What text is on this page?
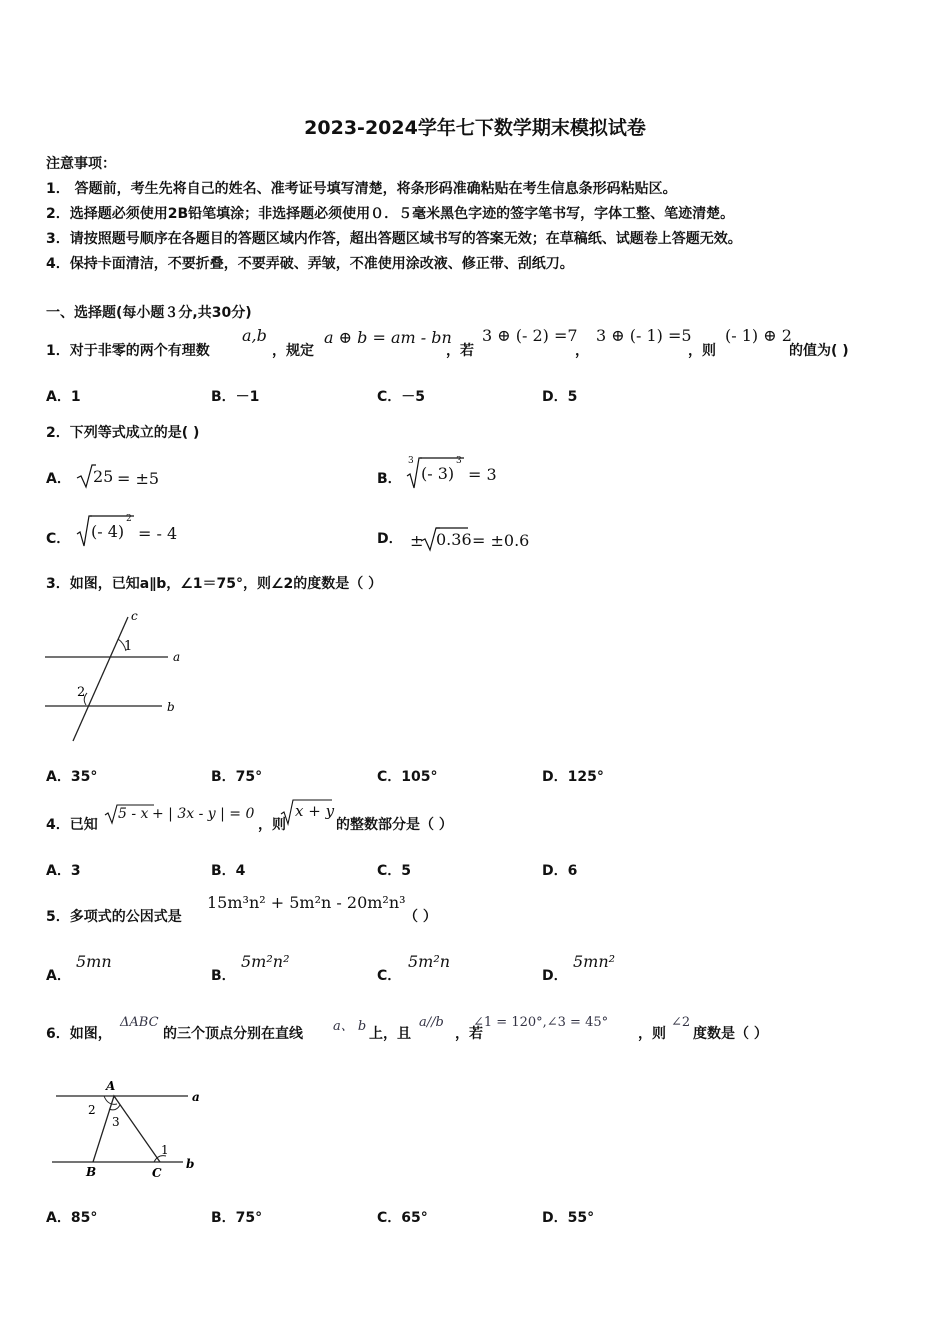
2023-2024学年七下数学期末模拟试卷
注意事项：
1． 答题前，考生先将自己的姓名、准考证号填写清楚，将条形码准确粘贴在考生信息条形码粘贴区。
2．选择题必须使用2B铅笔填涂；非选择题必须使用０．５毫米黑色字迹的签字笔书写，字体工整、笔迹清楚。
3．请按照题号顺序在各题目的答题区域内作答，超出答题区域书写的答案无效；在草稿纸、试题卷上答题无效。
4．保持卡面清洁，不要折叠，不要弄破、弄皱，不准使用涂改液、修正带、刮纸刀。
一、选择题(每小题３分,共30分)
1．对于非零的两个有理数
a,b
，规定
a ⊕ b = am - bn
，若
3 ⊕ (- 2) =7
，
3 ⊕ (- 1) =5
，则
(- 1) ⊕ 2
的值为( )
A．1	B．－1	C．－5	D．5
2．下列等式成立的是( )
A． 25 = ±5	B．
3
(- 3)
3
= 3
C． (- 4)
2
= - 4	D． ± 0.36 = ±0.6
3．如图，已知a∥b，∠1＝75°，则∠2的度数是（ ）
c
a
b
1
2
A．35°	B．75°	C．105°	D．125°
4．已知
5 - x + | 3x - y | = 0
，则
x + y
的整数部分是（ ）
A．3	B．4	C．5	D．6
5．多项式的公因式是
15m³n² + 5m²n - 20m²n³
（ ）
A．
5mn
B．
5m²n²
C．
5m²n
D．
5mn²
6．如图，
ΔABC
的三个顶点分别在直线 a、 b 上，且
a//b
，若
∠1 = 120°,∠3 = 45°
，则
∠2
度数是（ ）
A
a
b
B	C
1
2
3
A．85°	B．75°	C．65°	D．55°
